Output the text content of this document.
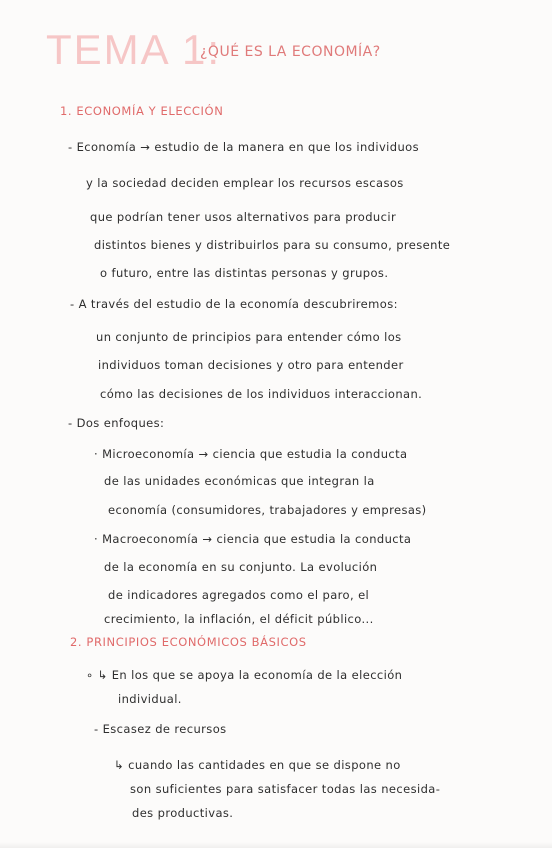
TEMA 1:
¿QUÉ ES LA ECONOMÍA?
1. ECONOMÍA Y ELECCIÓN
- Economía → estudio de la manera en que los individuos
y la sociedad deciden emplear los recursos escasos
que podrían tener usos alternativos para producir
distintos bienes y distribuirlos para su consumo, presente
o futuro, entre las distintas personas y grupos.
- A través del estudio de la economía descubriremos:
un conjunto de principios para entender cómo los
individuos toman decisiones y otro para entender
cómo las decisiones de los individuos interaccionan.
- Dos enfoques:
· Microeconomía → ciencia que estudia la conducta
de las unidades económicas que integran la
economía (consumidores, trabajadores y empresas)
· Macroeconomía → ciencia que estudia la conducta
de la economía en su conjunto. La evolución
de indicadores agregados como el paro, el
crecimiento, la inflación, el déficit público...
2. PRINCIPIOS ECONÓMICOS BÁSICOS
∘ ↳ En los que se apoya la economía de la elección
individual.
- Escasez de recursos
↳ cuando las cantidades en que se dispone no
son suficientes para satisfacer todas las necesida-
des productivas.
